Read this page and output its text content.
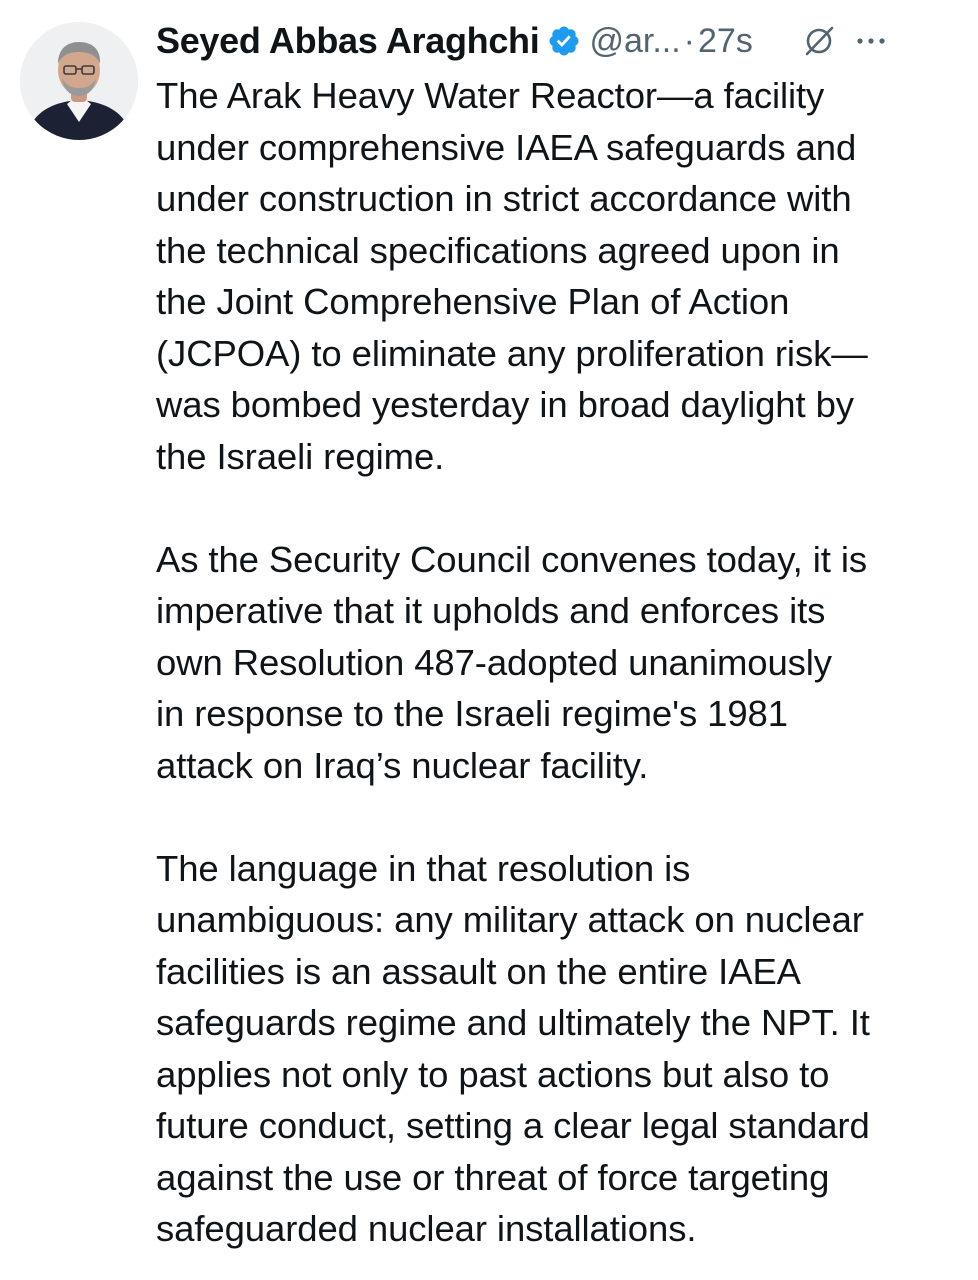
Seyed Abbas Araghchi @ar... · 27s

The Arak Heavy Water Reactor—a facility
under comprehensive IAEA safeguards and
under construction in strict accordance with
the technical specifications agreed upon in
the Joint Comprehensive Plan of Action
(JCPOA) to eliminate any proliferation risk—
was bombed yesterday in broad daylight by
the Israeli regime.

As the Security Council convenes today, it is
imperative that it upholds and enforces its
own Resolution 487-adopted unanimously
in response to the Israeli regime's 1981
attack on Iraq’s nuclear facility.

The language in that resolution is
unambiguous: any military attack on nuclear
facilities is an assault on the entire IAEA
safeguards regime and ultimately the NPT. It
applies not only to past actions but also to
future conduct, setting a clear legal standard
against the use or threat of force targeting
safeguarded nuclear installations.
